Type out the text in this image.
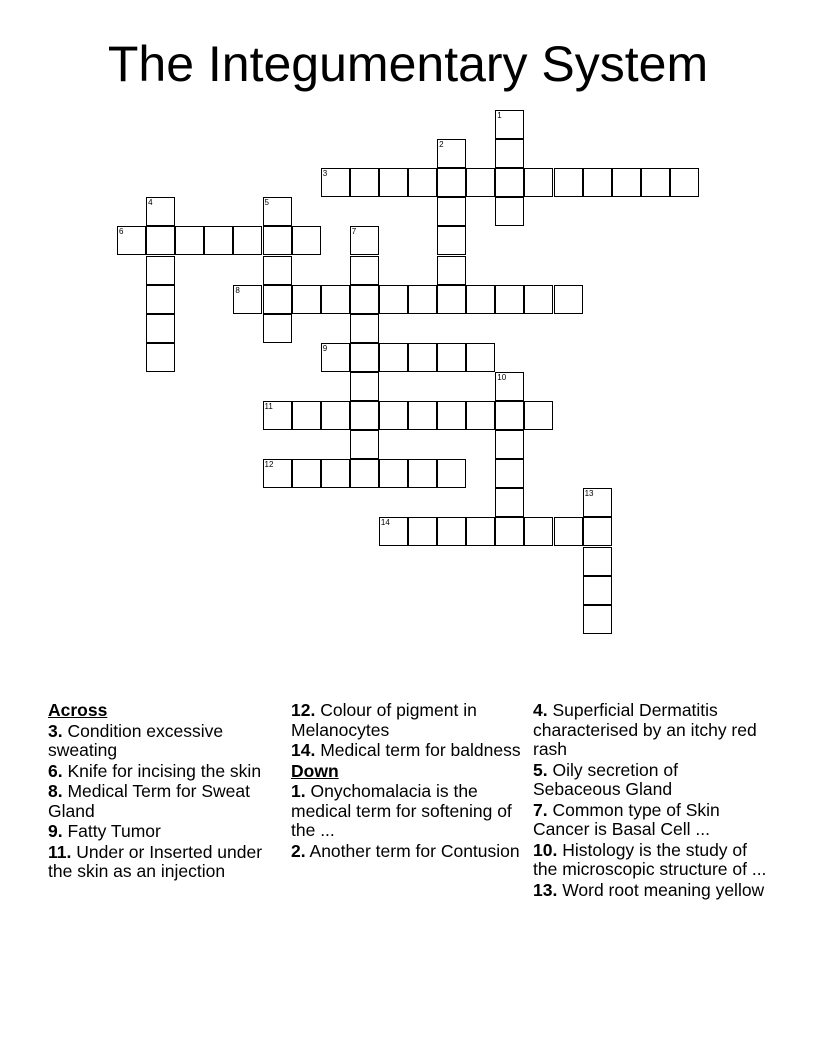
The Integumentary System
1
2
3
4	5
6	7
8
9
10
11
12
13
14
Across
3. Condition excessive sweating
6. Knife for incising the skin
8. Medical Term for Sweat Gland
9. Fatty Tumor
11. Under or Inserted under the skin as an injection
12. Colour of pigment in Melanocytes
14. Medical term for baldness
Down
1. Onychomalacia is the medical term for softening of the ...
2. Another term for Contusion
4. Superficial Dermatitis characterised by an itchy red rash
5. Oily secretion of Sebaceous Gland
7. Common type of Skin Cancer is Basal Cell ...
10. Histology is the study of the microscopic structure of ...
13. Word root meaning yellow
